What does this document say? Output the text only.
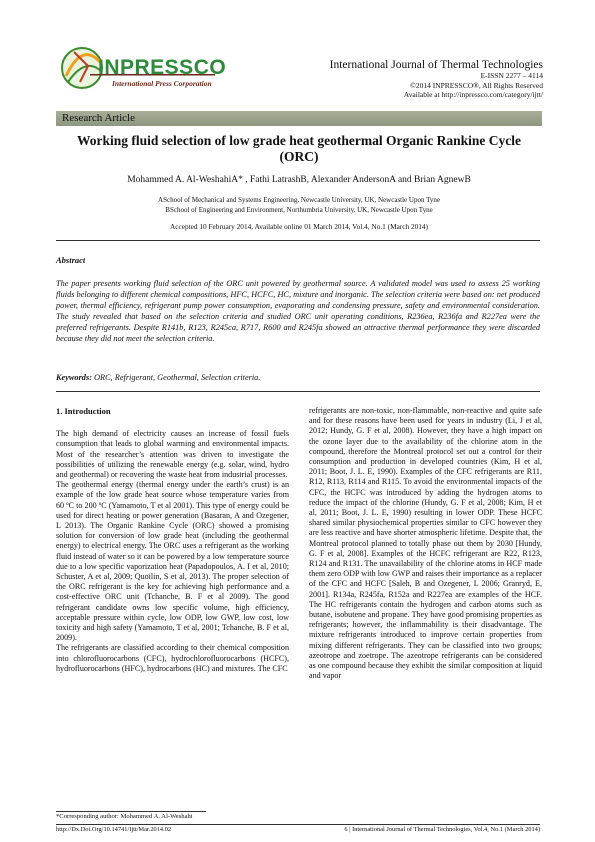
INPRESSCO
International Press Corporation
International Journal of Thermal Technologies
E-ISSN 2277 – 4114
©2014 INPRESSCO®, All Rights Reserved
Available at http://inpressco.com/category/ijtt/
Research Article
Working fluid selection of low grade heat geothermal Organic Rankine Cycle (ORC)
Mohammed A. Al-WeshahiA* , Fathi LatrashB, Alexander AndersonA and Brian AgnewB
ASchool of Mechanical and Systems Engineering, Newcastle University, UK, Newcastle Upon Tyne
BSchool of Engineering and Environment, Northumbria University, UK, Newcastle Upon Tyne
Accepted 10 February 2014, Available online 01 March 2014, Vol.4, No.1 (March 2014)
Abstract
The paper presents working fluid selection of the ORC unit powered by geothermal source. A validated model was used to assess 25 working fluids belonging to different chemical compositions, HFC, HCFC, HC, mixture and inorganic. The selection criteria were based on: net produced power, thermal efficiency, refrigerant pump power consumption, evaporating and condensing pressure, safety and environmental consideration. The study revealed that based on the selection criteria and studied ORC unit operating conditions, R236ea, R236fa and R227ea were the preferred refrigerants. Despite R141b, R123, R245ca, R717, R600 and R245fa showed an attractive thermal performance they were discarded because they did not meet the selection criteria.
Keywords: ORC, Refrigerant, Geothermal, Selection criteria.

1. Introduction

The high demand of electricity causes an increase of fossil fuels consumption that leads to global warming and environmental impacts. Most of the researcher’s attention was driven to investigate the possibilities of utilizing the renewable energy (e.g. solar, wind, hydro and geothermal) or recovering the waste heat from industrial processes.

The geothermal energy (thermal energy under the earth’s crust) is an example of the low grade heat source whose temperature varies from 60 ºC to 200 ºC (Yamamoto, T et al 2001). This type of energy could be used for direct heating or power generation (Basaran, A and Ozegener, L 2013). The Organic Rankine Cycle (ORC) showed a promising solution for conversion of low grade heat (including the geothermal energy) to electrical energy. The ORC uses a refrigerant as the working fluid instead of water so it can be powered by a low temperature source due to a low specific vaporization heat (Papadopoulos, A. I et al, 2010; Schuster, A et al, 2009; Quoilin, S et al, 2013). The proper selection of the ORC refrigerant is the key for achieving high performance and a cost-effective ORC unit (Tchanche, B. F et al 2009). The good refrigerant candidate owns low specific volume, high efficiency, acceptable pressure within cycle, low ODP, low GWP, low cost, low toxicity and high safety (Yamamoto, T et al, 2001; Tchanche, B. F et al, 2009).

The refrigerants are classified according to their chemical composition into chlorofluorocarbons (CFC), hydrochlorofluorocarbons (HCFC), hydrofluorocarbons (HFC), hydrocarbons (HC) and mixtures. The CFC

refrigerants are non-toxic, non-flammable, non-reactive and quite safe and for these reasons have been used for years in industry (Li, J et al, 2012; Hundy, G. F et al, 2008). However, they have a high impact on the ozone layer due to the availability of the chlorine atom in the compound, therefore the Montreal protocol set out a control for their consumption and production in developed countries (Kim, H et al, 2011; Boot, J. L. E, 1990). Examples of the CFC refrigerants are R11, R12, R113, R114 and R115. To avoid the environmental impacts of the CFC, the HCFC was introduced by adding the hydrogen atoms to reduce the impact of the chlorine (Hundy, G. F et al, 2008; Kim, H et al, 2011; Boot, J. L. E, 1990) resulting in lower ODP. These HCFC shared similar physiochemical properties similar to CFC however they are less reactive and have shorter atmospheric lifetime. Despite that, the Montreal protocol planned to totally phase out them by 2030 [Hundy, G. F et al, 2008]. Examples of the HCFC refrigerant are R22, R123, R124 and R131. The unavailability of the chlorine atoms in HCF made them zero ODP with low GWP and raises their importance as a replacer of the CFC and HCFC [Saleh, B and Ozegener, L 2006; Granryd, E, 2001]. R134a, R245fa, R152a and R227ea are examples of the HCF. The HC refrigerants contain the hydrogen and carbon atoms such as butane, isobutene and propane. They have good promising properties as refrigerants; however, the inflammability is their disadvantage. The mixture refrigerants introduced to improve certain properties from mixing different refrigerants. They can be classified into two groups; azeotrope and zoetrope. The azeotrope refrigerants can be considered as one compound because they exhibit the similar composition at liquid and vapor

*Corresponding author: Mohammed A. Al-Weshahi
http://Dx.Doi.Org/10.14741/Ijtt/Mar.2014.02	6 | International Journal of Thermal Technologies, Vol.4, No.1 (March 2014)
